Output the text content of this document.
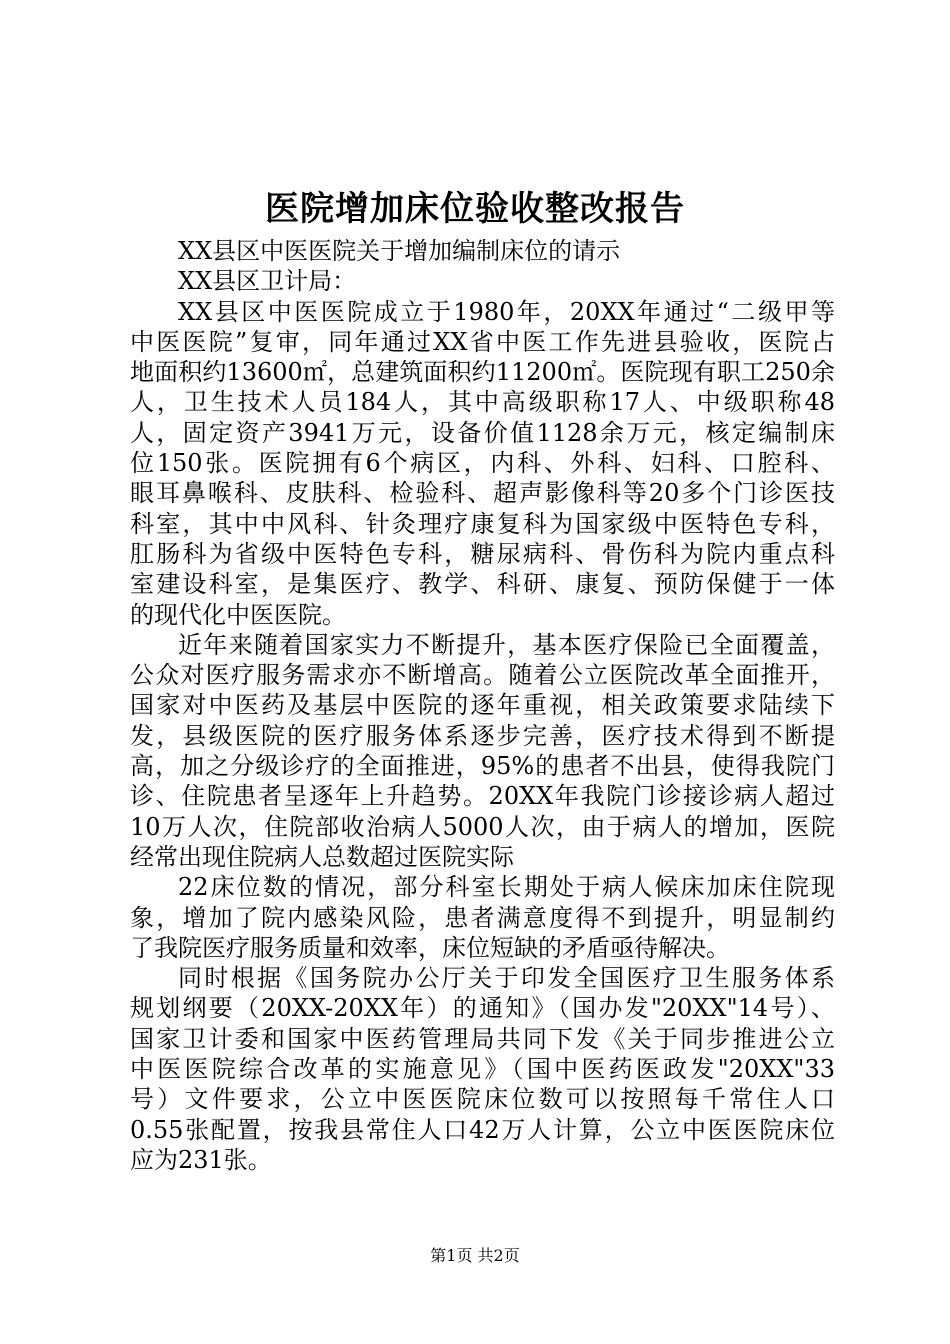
医院增加床位验收整改报告
XX县区中医医院关于增加编制床位的请示
XX县区卫计局：
XX县区中医医院成立于1980年，20XX年通过“二级甲等
中医医院”复审，同年通过XX省中医工作先进县验收，医院占
地面积约13600㎡，总建筑面积约11200㎡。医院现有职工250余
人，卫生技术人员184人，其中高级职称17人、中级职称48
人，固定资产3941万元，设备价值1128余万元，核定编制床
位150张。医院拥有6个病区，内科、外科、妇科、口腔科、
眼耳鼻喉科、皮肤科、检验科、超声影像科等20多个门诊医技
科室，其中中风科、针灸理疗康复科为国家级中医特色专科，
肛肠科为省级中医特色专科，糖尿病科、骨伤科为院内重点科
室建设科室，是集医疗、教学、科研、康复、预防保健于一体
的现代化中医医院。
近年来随着国家实力不断提升，基本医疗保险已全面覆盖，
公众对医疗服务需求亦不断增高。随着公立医院改革全面推开，
国家对中医药及基层中医院的逐年重视，相关政策要求陆续下
发，县级医院的医疗服务体系逐步完善，医疗技术得到不断提
高，加之分级诊疗的全面推进，95%的患者不出县，使得我院门
诊、住院患者呈逐年上升趋势。20XX年我院门诊接诊病人超过
10万人次，住院部收治病人5000人次，由于病人的增加，医院
经常出现住院病人总数超过医院实际
22床位数的情况，部分科室长期处于病人候床加床住院现
象，增加了院内感染风险，患者满意度得不到提升，明显制约
了我院医疗服务质量和效率，床位短缺的矛盾亟待解决。
同时根据《国务院办公厅关于印发全国医疗卫生服务体系
规划纲要（20XX-20XX年）的通知》（国办发"20XX"14号）、
国家卫计委和国家中医药管理局共同下发《关于同步推进公立
中医医院综合改革的实施意见》（国中医药医政发"20XX"33
号）文件要求，公立中医医院床位数可以按照每千常住人口
0.55张配置，按我县常住人口42万人计算，公立中医医院床位
应为231张。
第1页 共2页
